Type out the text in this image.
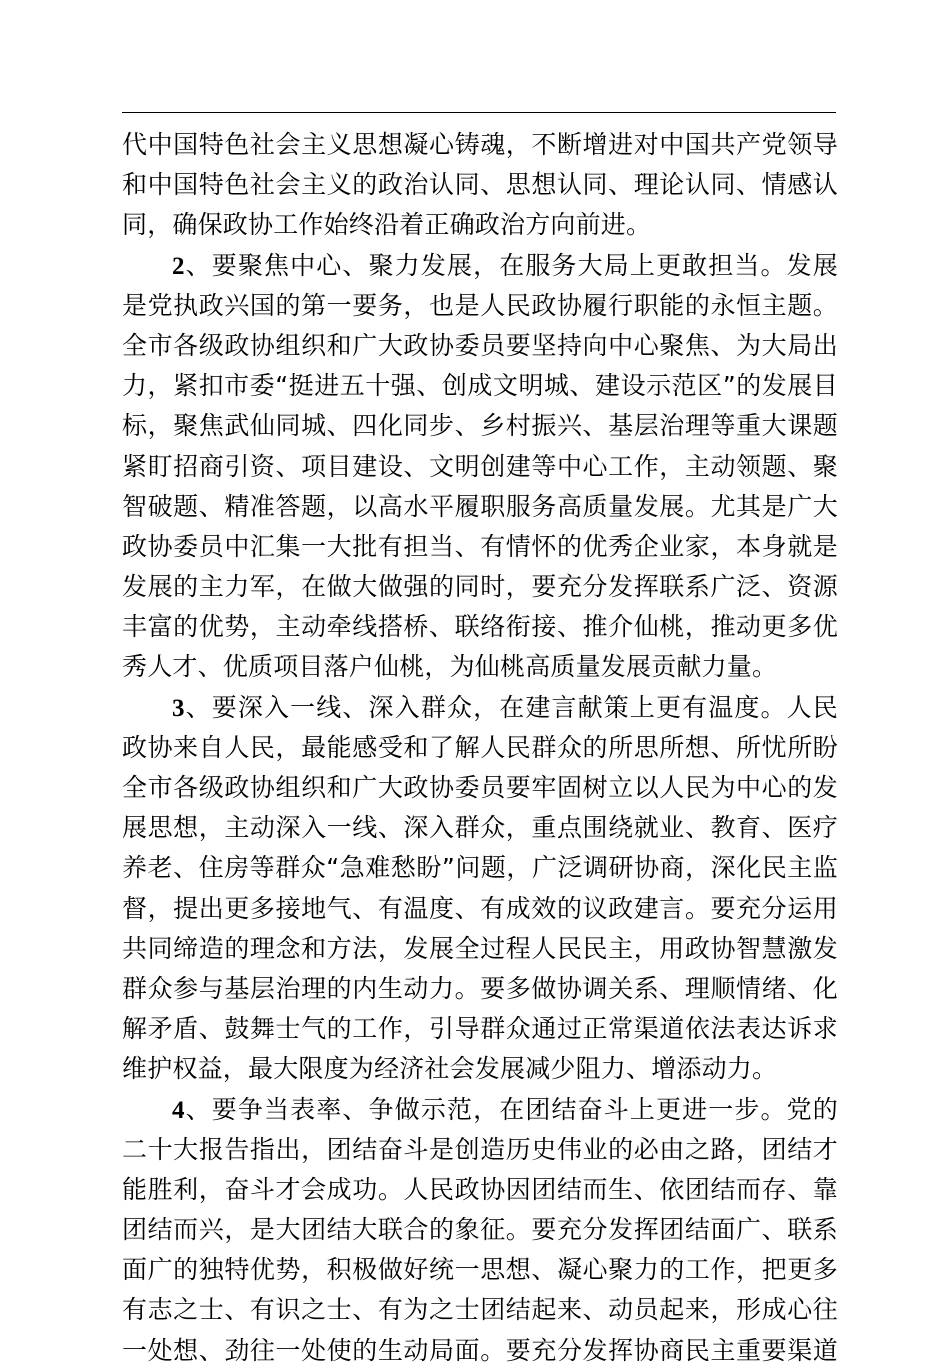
代中国特色社会主义思想凝心铸魂，不断增进对中国共产党领导
和中国特色社会主义的政治认同、思想认同、理论认同、情感认
同，确保政协工作始终沿着正确政治方向前进。
2、要聚焦中心、聚力发展，在服务大局上更敢担当。发展
是党执政兴国的第一要务，也是人民政协履行职能的永恒主题。
全市各级政协组织和广大政协委员要坚持向中心聚焦、为大局出
力，紧扣市委“挺进五十强、创成文明城、建设示范区”的发展目
标，聚焦武仙同城、四化同步、乡村振兴、基层治理等重大课题
紧盯招商引资、项目建设、文明创建等中心工作，主动领题、聚
智破题、精准答题，以高水平履职服务高质量发展。尤其是广大
政协委员中汇集一大批有担当、有情怀的优秀企业家，本身就是
发展的主力军，在做大做强的同时，要充分发挥联系广泛、资源
丰富的优势，主动牵线搭桥、联络衔接、推介仙桃，推动更多优
秀人才、优质项目落户仙桃，为仙桃高质量发展贡献力量。
3、要深入一线、深入群众，在建言献策上更有温度。人民
政协来自人民，最能感受和了解人民群众的所思所想、所忧所盼
全市各级政协组织和广大政协委员要牢固树立以人民为中心的发
展思想，主动深入一线、深入群众，重点围绕就业、教育、医疗
养老、住房等群众“急难愁盼”问题，广泛调研协商，深化民主监
督，提出更多接地气、有温度、有成效的议政建言。要充分运用
共同缔造的理念和方法，发展全过程人民民主，用政协智慧激发
群众参与基层治理的内生动力。要多做协调关系、理顺情绪、化
解矛盾、鼓舞士气的工作，引导群众通过正常渠道依法表达诉求
维护权益，最大限度为经济社会发展减少阻力、增添动力。
4、要争当表率、争做示范，在团结奋斗上更进一步。党的
二十大报告指出，团结奋斗是创造历史伟业的必由之路，团结才
能胜利，奋斗才会成功。人民政协因团结而生、依团结而存、靠
团结而兴，是大团结大联合的象征。要充分发挥团结面广、联系
面广的独特优势，积极做好统一思想、凝心聚力的工作，把更多
有志之士、有识之士、有为之士团结起来、动员起来，形成心往
一处想、劲往一处使的生动局面。要充分发挥协商民主重要渠道
